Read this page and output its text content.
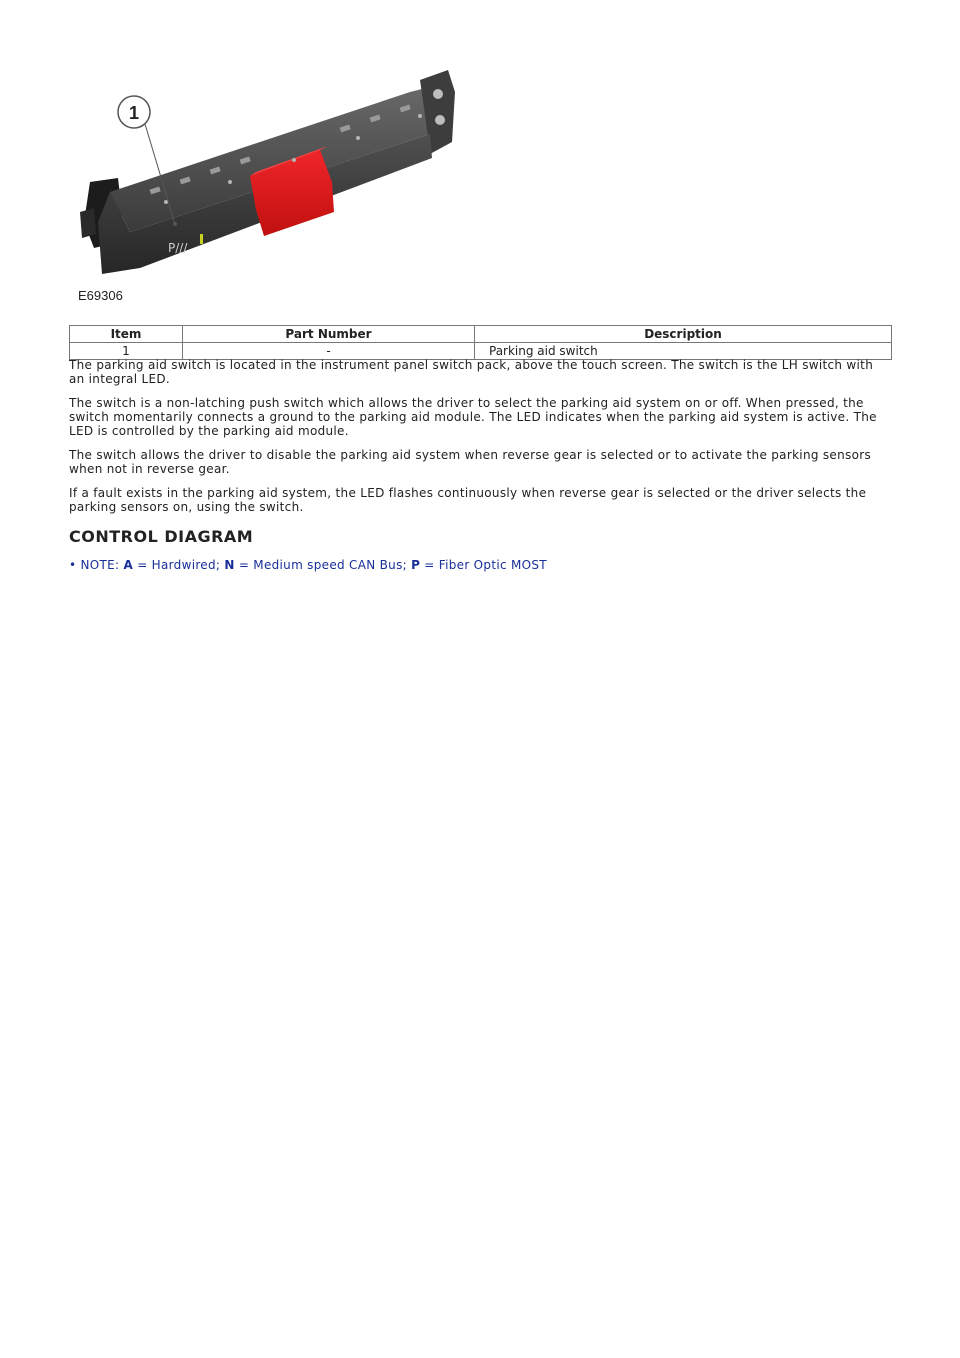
P///
1
E69306
Item	Part Number	Description
1	-	Parking aid switch

The parking aid switch is located in the instrument panel switch pack, above the touch screen. The switch is the LH switch with an integral LED.

The switch is a non-latching push switch which allows the driver to select the parking aid system on or off. When pressed, the switch momentarily connects a ground to the parking aid module. The LED indicates when the parking aid system is active. The LED is controlled by the parking aid module.

The switch allows the driver to disable the parking aid system when reverse gear is selected or to activate the parking sensors when not in reverse gear.

If a fault exists in the parking aid system, the LED flashes continuously when reverse gear is selected or the driver selects the parking sensors on, using the switch.

CONTROL DIAGRAM
• NOTE: A = Hardwired; N = Medium speed CAN Bus; P = Fiber Optic MOST
